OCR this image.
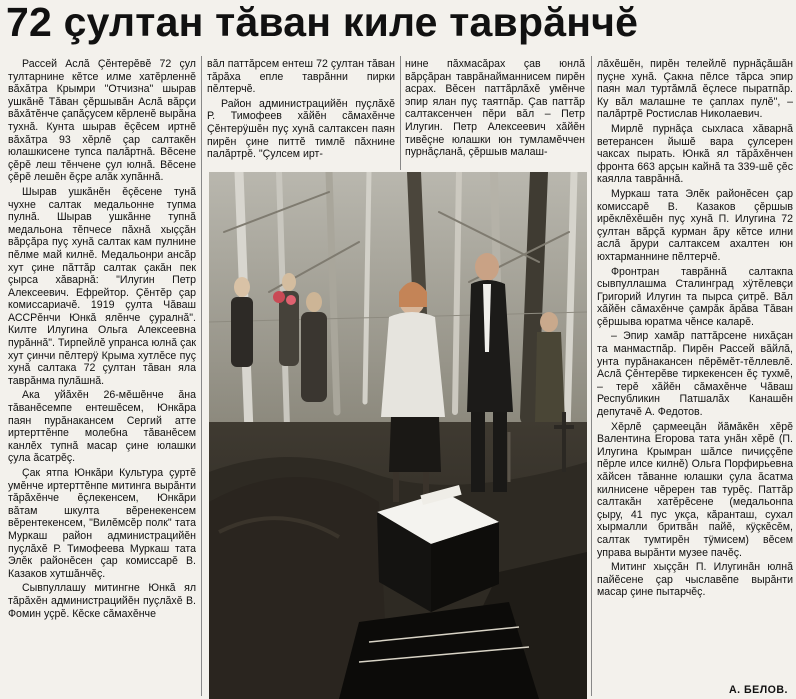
72 çултан тăван киле таврăнчĕ

Рассей Аслă Çĕнтерĕвĕ 72 çул тултарнине кĕтсе илме хатĕрленнĕ вăхăтра Крымри "Отчизна" шырав ушкăнĕ Тăван çĕршывăн Аслă вăрçи вăхăтĕнче çапăçусем кĕрленĕ вырăна тухнă. Кунта шырав ĕçĕсем иртнĕ вăхăтра 93 хĕрлĕ çар салтакĕн юлашкисене тупса палăртнă. Вĕсене çĕрĕ леш тĕнчене çул юлнă. Вĕсене çĕрĕ лешĕн ĕçре алăк хупăннă.

Шырав ушкăнĕн ĕçĕсене тунă чухне салтак медальонне тупма пулнă. Шырав ушкăнне тупнă медальона тĕпчесе пăхнă хыççăн вăрçăра пуç хунă салтак кам пулнине пĕлме май килнĕ. Медальонри ансăр хут çине пăттăр салтак çакăн пек çырса хăварнă: "Илугин Петр Алексеевич. Ефрейтор. Çĕнтĕр çар комиссариачĕ. 1919 çулта Чăваш АССРĕнчи Юнкă ялĕнче çуралнă". Килте Илугина Ольга Алексеевна пурăннă". Тирпейлĕ упранса юлнă çак хут çинчи пĕлтерÿ Крыма хутлĕсе пуç хунă салтака 72 çултан тăван яла таврăнма пулăшнă.

Ака уйăхĕн 26-мĕшĕнче ăна тăванĕсемпе ентешĕсем, Юнкăра паян пурăнакансем Сергий атте иртерттĕнпе молебна тăванĕсем канлĕх тупнă масар çине юлашки çула ăсатрĕç.

Çак ятпа Юнкăри Культура çуртĕ умĕнче иртерттĕнпе митинга вырăнти тăрăхĕнче ĕçлекенсем, Юнкăри вăтам шкулта вĕренекенсем вĕрентекенсем, "Вилĕмсĕр полк" тата Муркаш район администрацийĕн пуçлăхĕ Р. Тимофеева Муркаш тата Элĕк районĕсен çар комиссарĕ В. Казаков хутшăнчĕç.

Сывпуллашу митингне Юнкă ял тăрăхĕн администрацийĕн пуçлăхĕ В. Фомин уçрĕ. Кĕске сăмахĕнче

вăл паттăрсем ентеш 72 çултан тăван тăрăха епле таврăнни пирки пĕлтерчĕ.

Район администрацийĕн пуçлăхĕ Р. Тимофеев хăйĕн сăмахĕнче Çĕнтерÿшĕн пуç хунă салтаксен паян пирĕн çине питтĕ тимлĕ пăхнине палăртрĕ. "Çулсем ирт-

нине пăхмасăрах çав юнлă вăрçăран таврăнайманнисем пирĕн асрах. Вĕсен паттăрлăхĕ умĕнче эпир ялан пуç таятпăр. Çав паттăр салтаксенчен пĕри вăл – Петр Илугин. Петр Алексеевич хăйĕн тивĕçне юлашки юн тумламĕччен пурнăçланă, çĕршыв малаш-

лăхĕшĕн, пирĕн телейлĕ пурнăçăшăн пуçне хунă. Çакна пĕлсе тăрса эпир паян мал туртăмлă ĕçлесе пыратпăр. Ку вăл малашне те çаплах пулĕ", – палăртрĕ Ростислав Николаевич.

Мирлĕ пурнăçа сыхласа хăварнă ветерансен йышĕ вара çулсерен чаксах пырать. Юнкă ял тăрăхĕнчен фронта 663 арçын кайнă та 339-шĕ çĕс каялла таврăннă.

Муркаш тата Элĕк районĕсен çар комиссарĕ В. Казаков çĕршыв ирĕклĕхĕшĕн пуç хунă П. Илугина 72 çултан вăрçă курман ăру кĕтсе илни аслă ăрури салтаксем ахалтен юн юхтарманнине пĕлтерчĕ.

Фронтран таврăннă салтакпа сывпуллашма Сталинград хÿтĕлевçи Григорий Илугин та пырса çитрĕ. Вăл хăйĕн сăмахĕнче çамрăк ăрăва Тăван çĕршыва юратма чĕнсе каларĕ.

– Эпир хамăр паттăрсене нихăçан та манмастпăр. Пирĕн Рассей вăйлă, унта пурăнакансен пĕрĕмĕт-тĕллевлĕ. Аслă Çĕнтерĕве тиркекенсен ĕç тухмĕ, – терĕ хăйĕн сăмахĕнче Чăваш Республикин Патшалăх Канашĕн депутачĕ А. Федотов.

Хĕрлĕ çармеецăн йăмăкĕн хĕрĕ Валентина Егорова тата унăн хĕрĕ (П. Илугина Крымран шăлсе пичиççĕпе пĕрле илсе килнĕ) Ольга Порфирьевна хăйсен тăванне юлашки çула ăсатма килнисене чĕререн тав турĕç. Паттăр салтакăн хатĕрĕсене (медальонпа çыру, 41 пус укçа, кăранташ, сухал хырмалли бритвăн пайĕ, кÿçкĕсĕм, салтак тумтирĕн тÿмисем) вĕсем управа вырăнти музее пачĕç.

Митинг хыççăн П. Илугинăн юлнă пайĕсене çар чыславĕпе вырăнти масар çине пытарчĕç.

А. БЕЛОВ.
